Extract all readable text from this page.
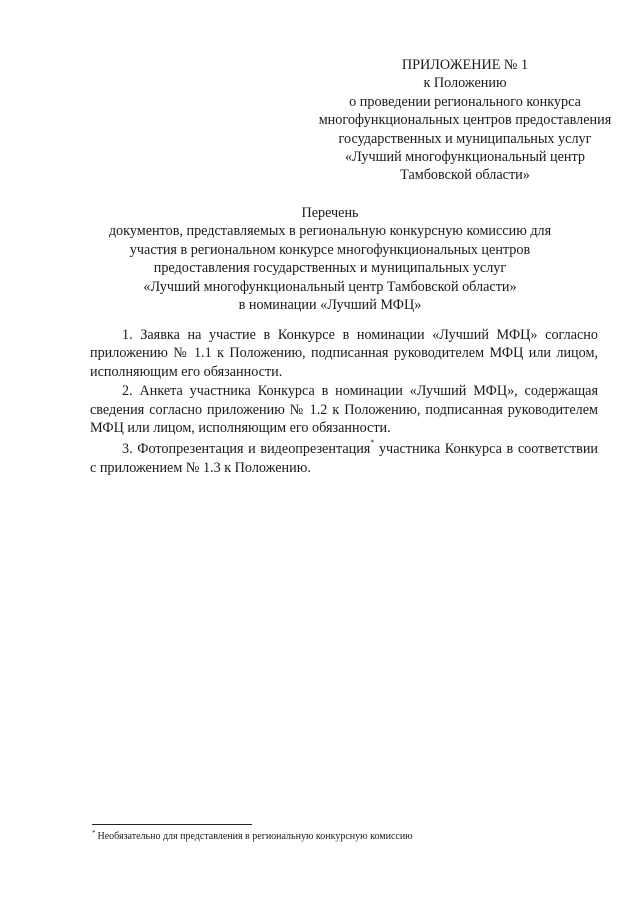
ПРИЛОЖЕНИЕ № 1
к Положению
о проведении регионального конкурса
многофункциональных центров предоставления
государственных и муниципальных услуг
«Лучший многофункциональный центр
Тамбовской области»
Перечень
документов, представляемых в региональную конкурсную комиссию для
участия в региональном конкурсе многофункциональных центров
предоставления государственных и муниципальных услуг
«Лучший многофункциональный центр Тамбовской области»
в номинации «Лучший МФЦ»

1. Заявка на участие в Конкурсе в номинации «Лучший МФЦ» согласно приложению № 1.1 к Положению, подписанная руководителем МФЦ или лицом, исполняющим его обязанности.

2. Анкета участника Конкурса в номинации «Лучший МФЦ», содержащая сведения согласно приложению № 1.2 к Положению, подписанная руководителем МФЦ или лицом, исполняющим его обязанности.

3. Фотопрезентация и видеопрезентация* участника Конкурса в соответствии с приложением № 1.3 к Положению.

* Необязательно для представления в региональную конкурсную комиссию
